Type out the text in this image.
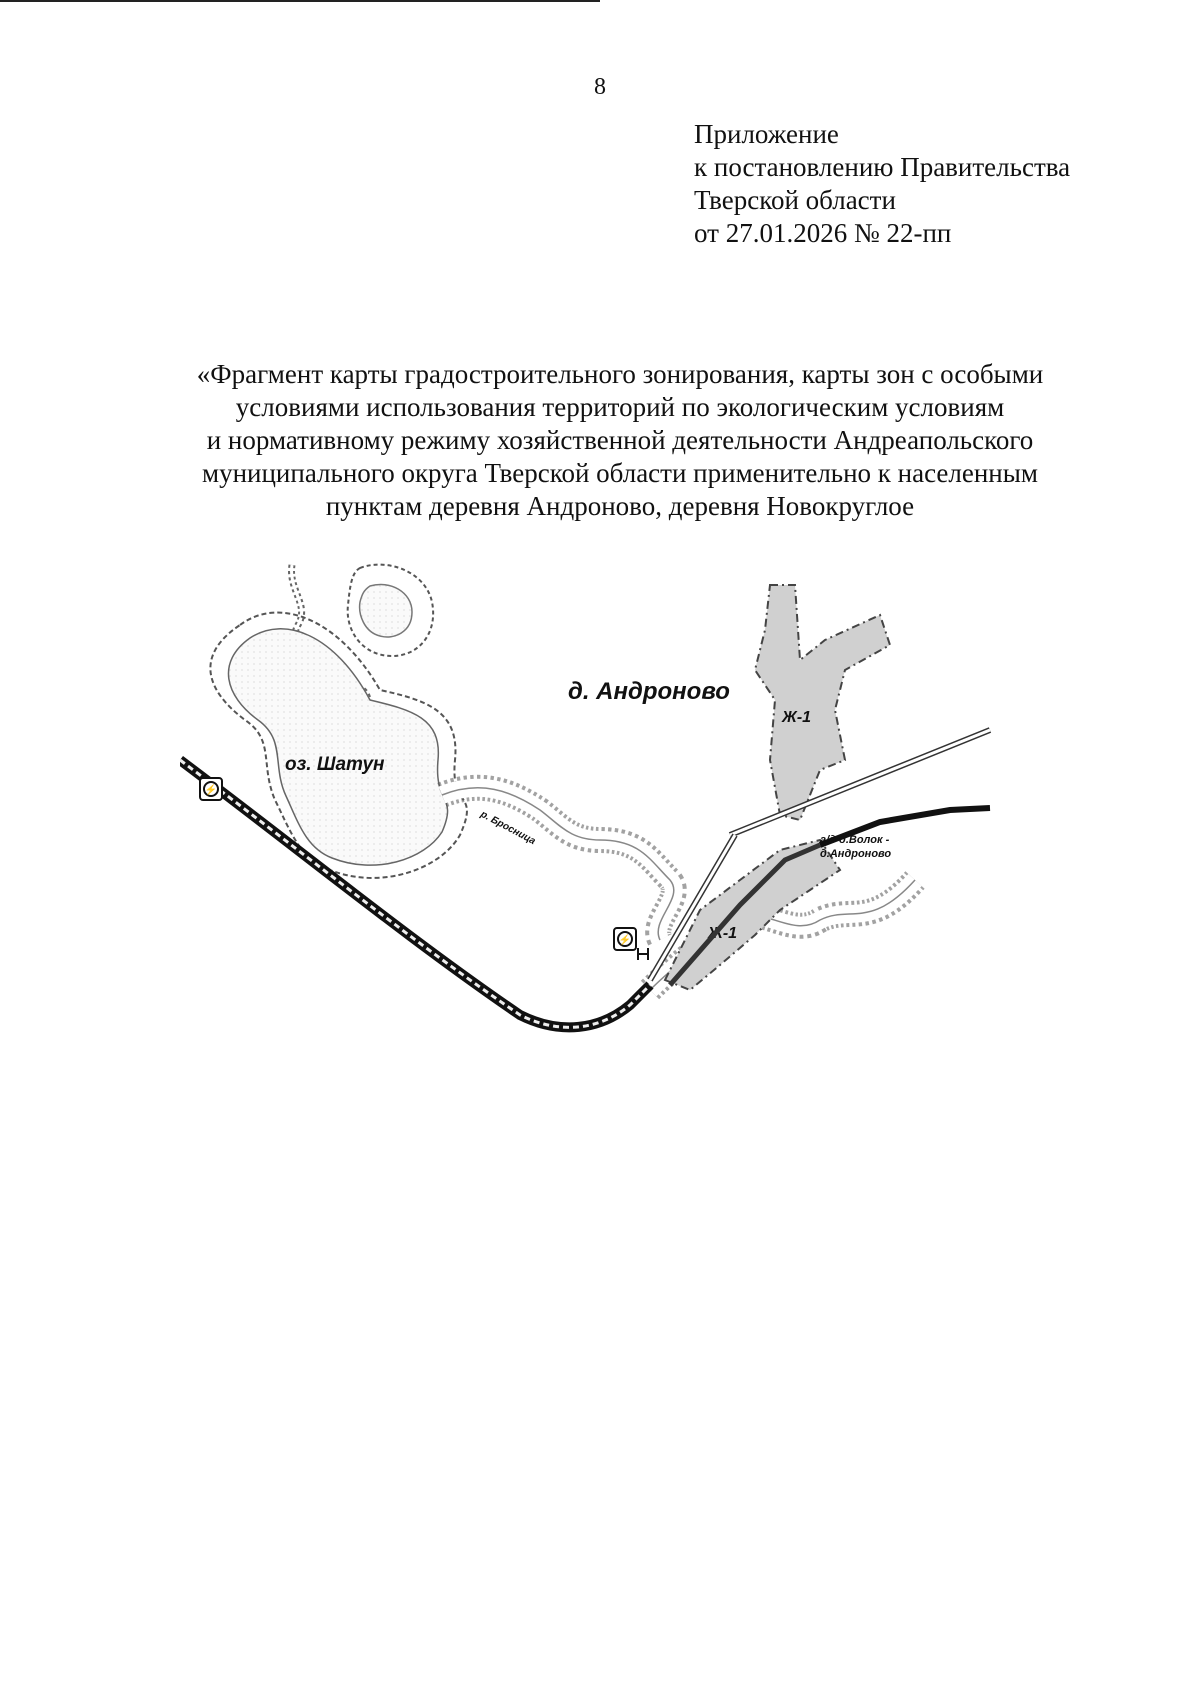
8
Приложение
к постановлению Правительства
Тверской области
от 27.01.2026 № 22-пп
«Фрагмент карты градостроительного зонирования, карты зон с особыми
условиями использования территорий по экологическим условиям
и нормативному режиму хозяйственной деятельности Андреапольского
муниципального округа Тверской области применительно к населенным
пунктам деревня Андроново, деревня Новокруглое
оз. Шатун
р. Бросница
Ж-1
Ж-1
д. Андроново
а/д д.Волок -
д.Андроново
⚡
⚡
